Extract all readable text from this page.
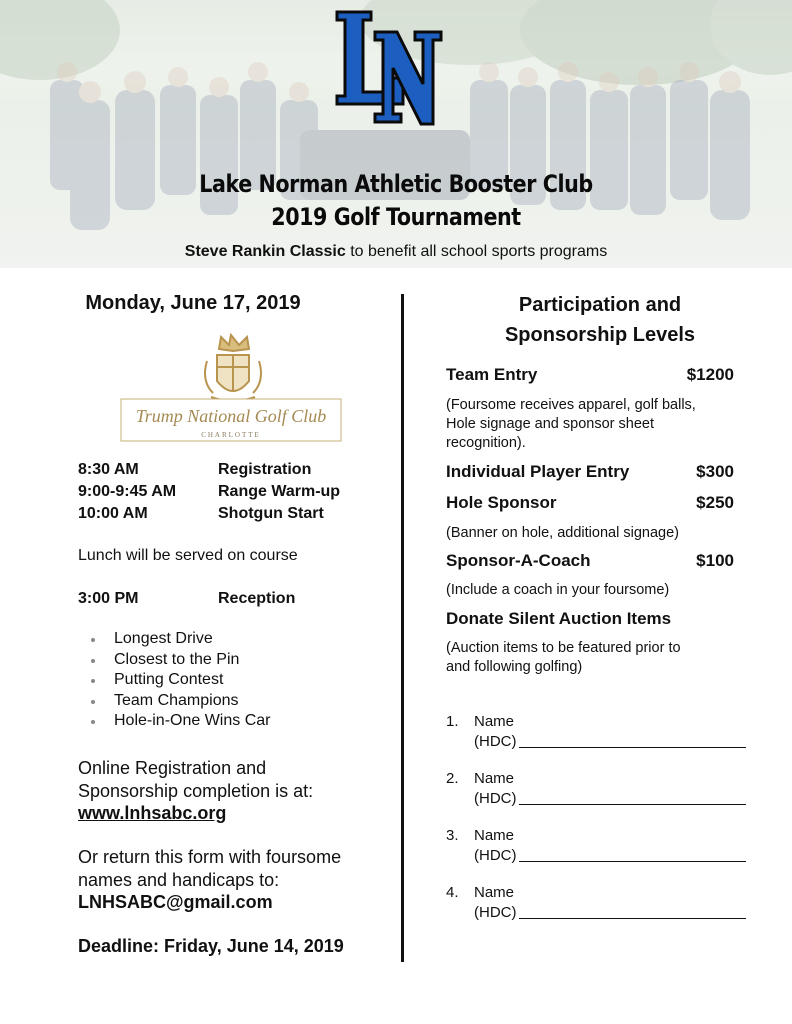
Lake Norman Athletic Booster Club
2019 Golf Tournament
Steve Rankin Classic to benefit all school sports programs
Monday, June 17, 2019
Trump National Golf Club
CHARLOTTE
8:30 AM	Registration
9:00-9:45 AM	Range Warm-up
10:00 AM	Shotgun Start
Lunch will be served on course
3:00 PM	Reception
Longest Drive
Closest to the Pin
Putting Contest
Team Champions
Hole-in-One Wins Car
Online Registration and
Sponsorship completion is at:
www.lnhsabc.org
Or return this form with foursome
names and handicaps to:
LNHSABC@gmail.com
Deadline: Friday, June 14, 2019
Participation and
Sponsorship Levels
Team Entry	$1200
(Foursome receives apparel, golf balls,
Hole signage and sponsor sheet
recognition).
Individual Player Entry	$300
Hole Sponsor	$250
(Banner on hole, additional signage)
Sponsor-A-Coach	$100
(Include a coach in your foursome)
Donate Silent Auction Items
(Auction items to be featured prior to
and following golfing)
1. Name
(HDC)
2. Name
(HDC)
3. Name
(HDC)
4. Name
(HDC)
